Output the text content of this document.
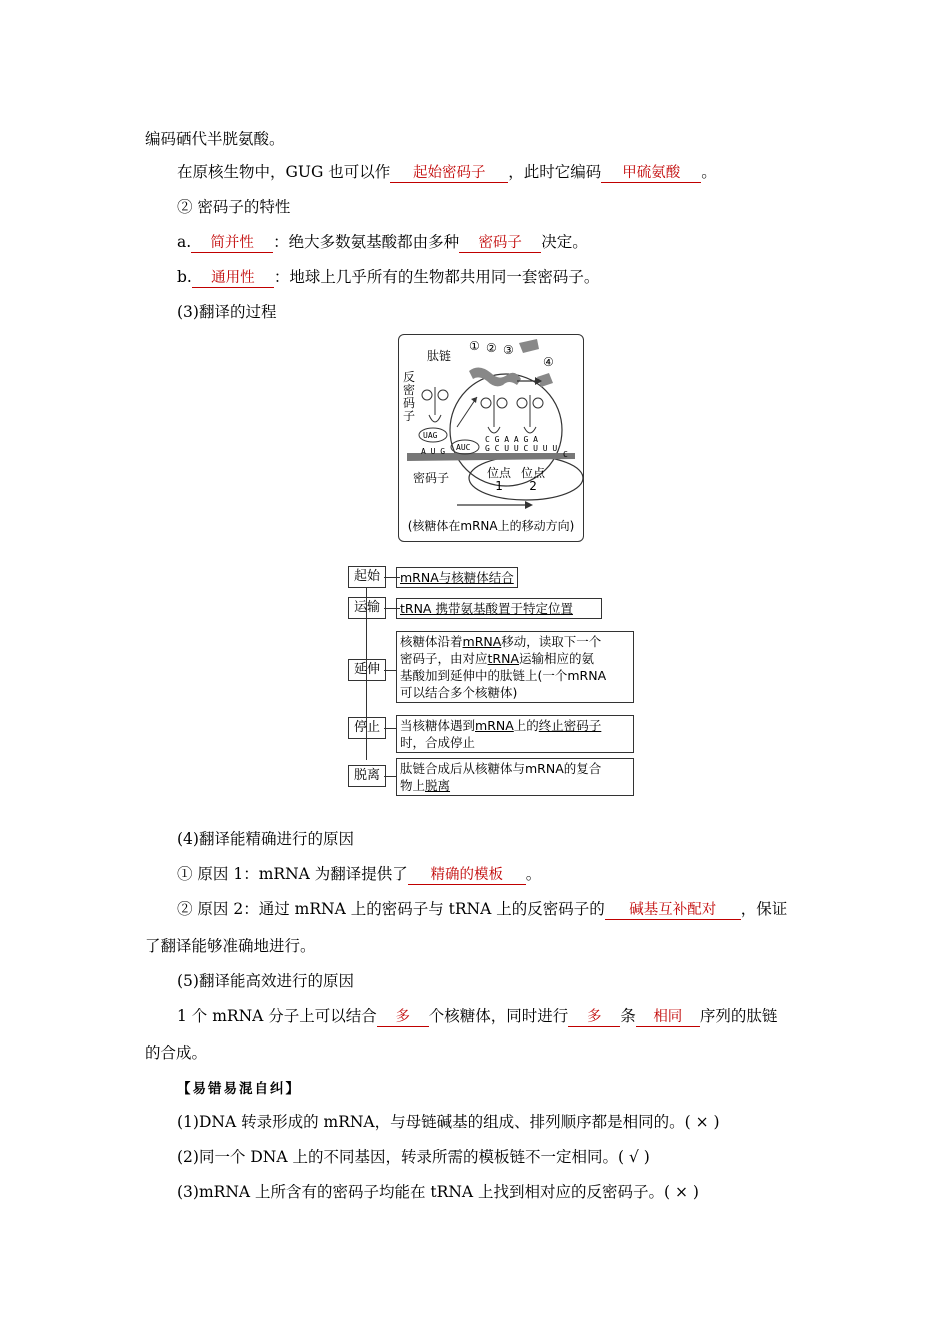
编码硒代半胱氨酸。
在原核生物中，GUG 也可以作 起始密码子 ，此时它编码 甲硫氨酸 。
② 密码子的特性
a. 简并性 ：绝大多数氨基酸都由多种 密码子 决定。
b. 通用性 ：地球上几乎所有的生物都共用同一套密码子。
(3)翻译的过程
肽链
① ② ③
④
反密码子
UAG
AUC
A U G
C G A A G A
G C U U C U U U
C
密码子	位点
1
位点
2
(核糖体在mRNA上的移动方向)
起始
运输
延伸
停止
脱离
mRNA与核糖体结合
tRNA 携带氨基酸置于特定位置
核糖体沿着mRNA移动，读取下一个
密码子，由对应tRNA运输相应的氨
基酸加到延伸中的肽链上(一个mRNA
可以结合多个核糖体)
当核糖体遇到mRNA上的终止密码子
时，合成停止
肽链合成后从核糖体与mRNA的复合
物上脱离
(4)翻译能精确进行的原因
① 原因 1：mRNA 为翻译提供了 精确的模板 。
② 原因 2：通过 mRNA 上的密码子与 tRNA 上的反密码子的 碱基互补配对 ，保证
了翻译能够准确地进行。
(5)翻译能高效进行的原因
1 个 mRNA 分子上可以结合 多 个核糖体，同时进行 多 条 相同 序列的肽链
的合成。
【易错易混自纠】
(1)DNA 转录形成的 mRNA，与母链碱基的组成、排列顺序都是相同的。( × )
(2)同一个 DNA 上的不同基因，转录所需的模板链不一定相同。( √ )
(3)mRNA 上所含有的密码子均能在 tRNA 上找到相对应的反密码子。( × )
